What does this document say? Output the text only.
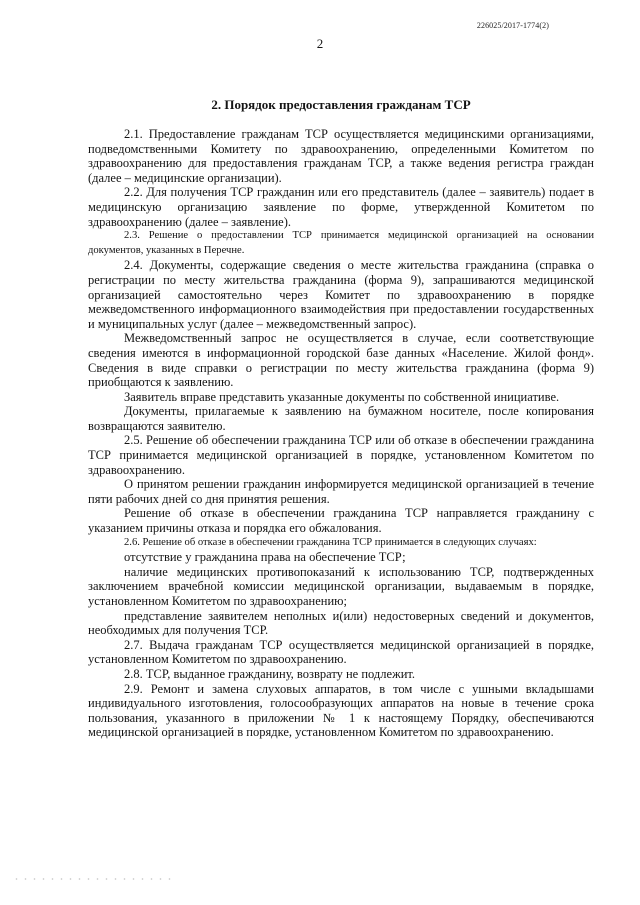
226025/2017-1774(2)
2
2. Порядок предоставления гражданам ТСР

2.1. Предоставление гражданам ТСР осуществляется медицинскими организациями, подведомственными Комитету по здравоохранению, определенными Комитетом по здравоохранению для предоставления гражданам ТСР, а также ведения регистра граждан (далее – медицинские организации).

2.2. Для получения ТСР гражданин или его представитель (далее – заявитель) подает в медицинскую организацию заявление по форме, утвержденной Комитетом по здравоохранению (далее – заявление).

2.3. Решение о предоставлении ТСР принимается медицинской организацией на основании документов, указанных в Перечне.

2.4. Документы, содержащие сведения о месте жительства гражданина (справка о регистрации по месту жительства гражданина (форма 9), запрашиваются медицинской организацией самостоятельно через Комитет по здравоохранению в порядке межведомственного информационного взаимодействия при предоставлении государственных и муниципальных услуг (далее – межведомственный запрос).

Межведомственный запрос не осуществляется в случае, если соответствующие сведения имеются в информационной городской базе данных «Население. Жилой фонд». Сведения в виде справки о регистрации по месту жительства гражданина (форма 9) приобщаются к заявлению.

Заявитель вправе представить указанные документы по собственной инициативе.

Документы, прилагаемые к заявлению на бумажном носителе, после копирования возвращаются заявителю.

2.5. Решение об обеспечении гражданина ТСР или об отказе в обеспечении гражданина ТСР принимается медицинской организацией в порядке, установленном Комитетом по здравоохранению.

О принятом решении гражданин информируется медицинской организацией в течение пяти рабочих дней со дня принятия решения.

Решение об отказе в обеспечении гражданина ТСР направляется гражданину с указанием причины отказа и порядка его обжалования.

2.6. Решение об отказе в обеспечении гражданина ТСР принимается в следующих случаях:

отсутствие у гражданина права на обеспечение ТСР;

наличие медицинских противопоказаний к использованию ТСР, подтвержденных заключением врачебной комиссии медицинской организации, выдаваемым в порядке, установленном Комитетом по здравоохранению;

представление заявителем неполных и(или) недостоверных сведений и документов, необходимых для получения ТСР.

2.7. Выдача гражданам ТСР осуществляется медицинской организацией в порядке, установленном Комитетом по здравоохранению.

2.8. ТСР, выданное гражданину, возврату не подлежит.

2.9. Ремонт и замена слуховых аппаратов, в том числе с ушными вкладышами индивидуального изготовления, голосообразующих аппаратов на новые в течение срока пользования, указанного в приложении № 1 к настоящему Порядку, обеспечиваются медицинской организацией в порядке, установленном Комитетом по здравоохранению.
